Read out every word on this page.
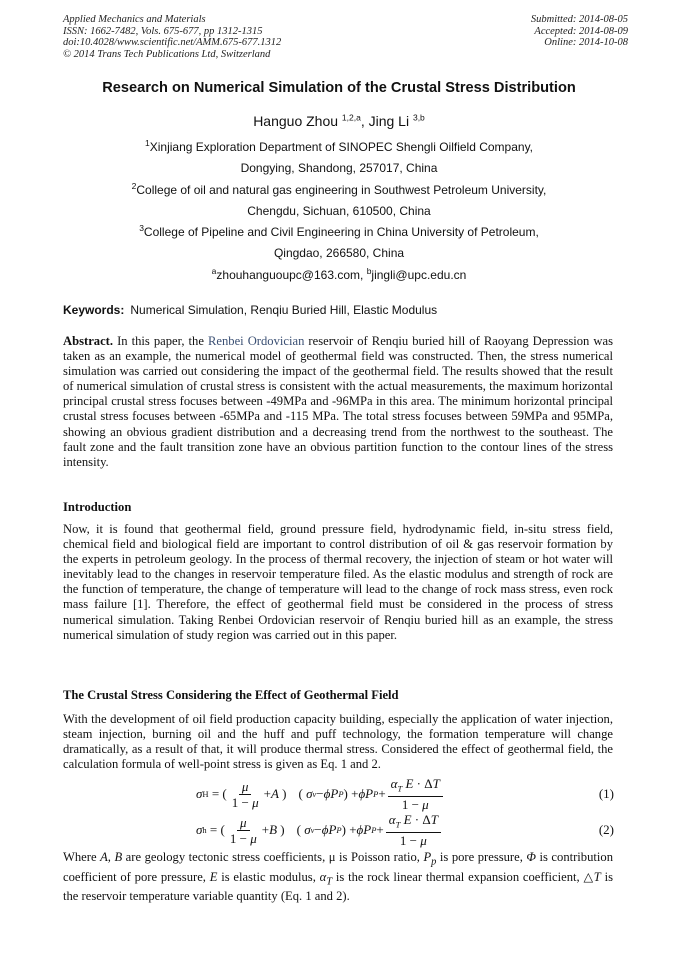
Applied Mechanics and Materials
ISSN: 1662-7482, Vols. 675-677, pp 1312-1315
doi:10.4028/www.scientific.net/AMM.675-677.1312
© 2014 Trans Tech Publications Ltd, Switzerland
Submitted: 2014-08-05
Accepted: 2014-08-09
Online: 2014-10-08
Research on Numerical Simulation of the Crustal Stress Distribution
Hanguo Zhou $^{1,2,a}$, Jing Li $^{3,b}$
$^1$Xinjiang Exploration Department of SINOPEC Shengli Oilfield Company,
Dongying, Shandong, 257017, China
$^2$College of oil and natural gas engineering in Southwest Petroleum University,
Chengdu, Sichuan, 610500, China
$^3$College of Pipeline and Civil Engineering in China University of Petroleum,
Qingdao, 266580, China
$^a$zhouhanguoupc@163.com, $^b$jingli@upc.edu.cn
Keywords: Numerical Simulation, Renqiu Buried Hill, Elastic Modulus
Abstract. In this paper, the Renbei Ordovician reservoir of Renqiu buried hill of Raoyang Depression was taken as an example, the numerical model of geothermal field was constructed. Then, the stress numerical simulation was carried out considering the impact of the geothermal field. The results showed that the result of numerical simulation of crustal stress is consistent with the actual measurements, the maximum horizontal principal crustal stress focuses between -49MPa and -96MPa in this area. The minimum horizontal principal crustal stress focuses between -65MPa and -115 MPa. The total stress focuses between 59MPa and 95MPa, showing an obvious gradient distribution and a decreasing trend from the northwest to the southeast. The fault zone and the fault transition zone have an obvious partition function to the contour lines of the stress intensity.
Introduction
Now, it is found that geothermal field, ground pressure field, hydrodynamic field, in-situ stress field, chemical field and biological field are important to control distribution of oil & gas reservoir formation by the experts in petroleum geology. In the process of thermal recovery, the injection of steam or hot water will inevitably lead to the changes in reservoir temperature filed. As the elastic modulus and strength of rock are the function of temperature, the change of temperature will lead to the change of rock mass stress, even rock mass failure [1]. Therefore, the effect of geothermal field must be considered in the process of stress numerical simulation. Taking Renbei Ordovician reservoir of Renqiu buried hill as an example, the stress numerical simulation of study region was carried out in this paper.
The Crustal Stress Considering the Effect of Geothermal Field
With the development of oil field production capacity building, especially the application of water injection, steam injection, burning oil and the huff and puff technology, the formation temperature will change dramatically, as a result of that, it will produce thermal stress. Considered the effect of geothermal field, the calculation formula of well-point stress is given as Eq. 1 and 2.
σ H = ( $\frac{\mu}{1 - \mu} + A$ ) ( σ v − ϕP P ) + ϕP $P + \frac{\alpha_T E \cdot \Delta T}{1 - \mu}$	(1)
σ h = ( $\frac{\mu}{1 - \mu} + B$ ) ( σ v − ϕP P ) + ϕP $P + \frac{\alpha_T E \cdot \Delta T}{1 - \mu}$	(2)
Where A, B are geology tectonic stress coefficients, μ is Poisson ratio, $P_p$ is pore pressure, Φ is contribution coefficient of pore pressure, E is elastic modulus, $\alpha_T$ is the rock linear thermal expansion coefficient, △T is the reservoir temperature variable quantity (Eq. 1 and 2).
